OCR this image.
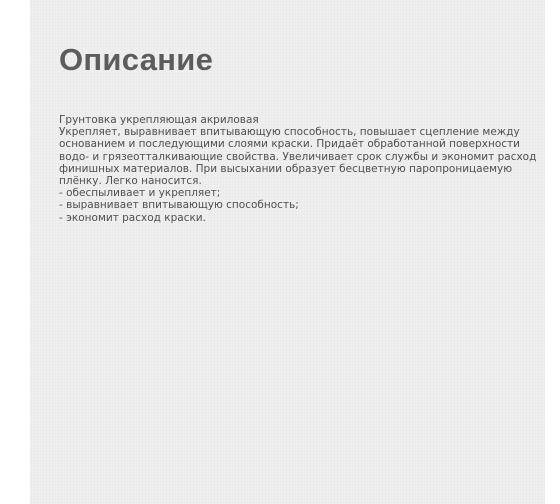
Описание
Грунтовка укрепляющая акриловая
Укрепляет, выравнивает впитывающую способность, повышает сцепление между
основанием и последующими слоями краски. Придаёт обработанной поверхности
водо- и грязеотталкивающие свойства. Увеличивает срок службы и экономит расход
финишных материалов. При высыхании образует бесцветную паропроницаемую
плёнку. Легко наносится.
- обеспыливает и укрепляет;
- выравнивает впитывающую способность;
- экономит расход краски.
